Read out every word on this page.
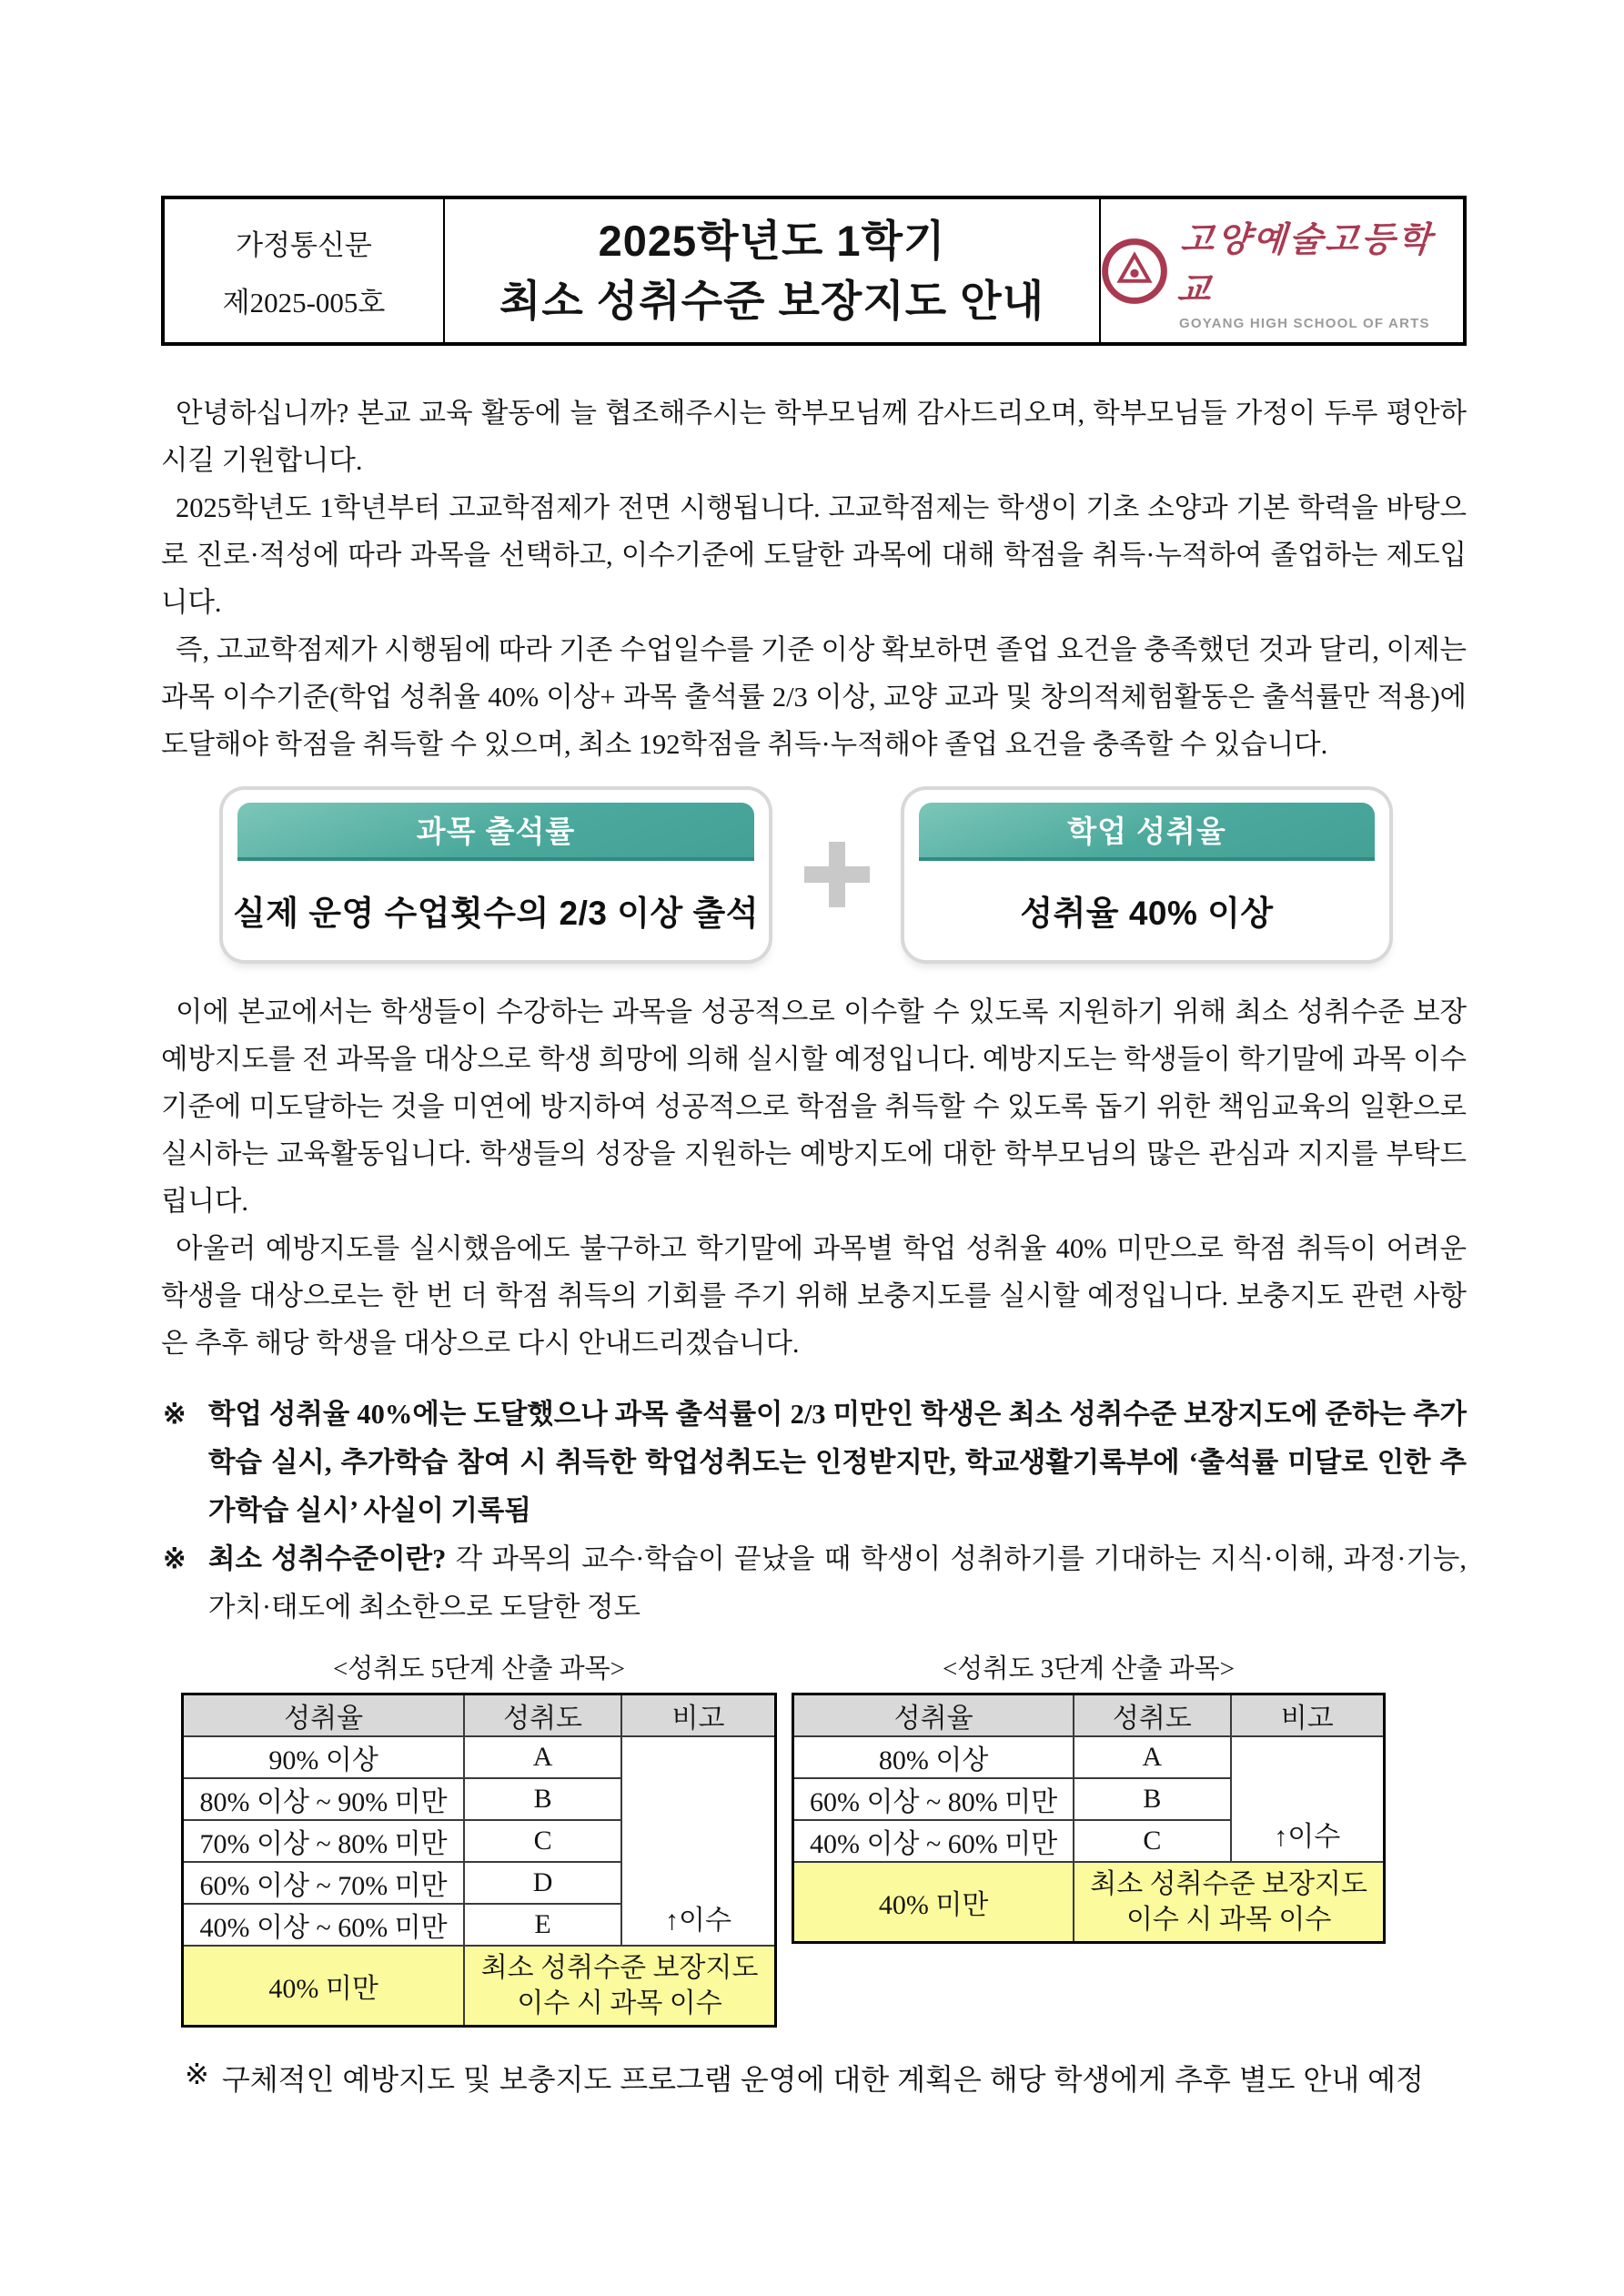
가정통신문
제2025-005호
2025학년도 1학기
최소 성취수준 보장지도 안내
고양예술고등학교
GOYANG HIGH SCHOOL OF ARTS

안녕하십니까? 본교 교육 활동에 늘 협조해주시는 학부모님께 감사드리오며, 학부모님들 가정이 두루 평안하시길 기원합니다.

2025학년도 1학년부터 고교학점제가 전면 시행됩니다. 고교학점제는 학생이 기초 소양과 기본 학력을 바탕으로 진로·적성에 따라 과목을 선택하고, 이수기준에 도달한 과목에 대해 학점을 취득·누적하여 졸업하는 제도입니다.

즉, 고교학점제가 시행됨에 따라 기존 수업일수를 기준 이상 확보하면 졸업 요건을 충족했던 것과 달리, 이제는 과목 이수기준(학업 성취율 40% 이상+ 과목 출석률 2/3 이상, 교양 교과 및 창의적체험활동은 출석률만 적용)에 도달해야 학점을 취득할 수 있으며, 최소 192학점을 취득·누적해야 졸업 요건을 충족할 수 있습니다.

과목 출석률
실제 운영 수업횟수의 2/3 이상 출석
학업 성취율
성취율 40% 이상

이에 본교에서는 학생들이 수강하는 과목을 성공적으로 이수할 수 있도록 지원하기 위해 최소 성취수준 보장 예방지도를 전 과목을 대상으로 학생 희망에 의해 실시할 예정입니다. 예방지도는 학생들이 학기말에 과목 이수기준에 미도달하는 것을 미연에 방지하여 성공적으로 학점을 취득할 수 있도록 돕기 위한 책임교육의 일환으로 실시하는 교육활동입니다. 학생들의 성장을 지원하는 예방지도에 대한 학부모님의 많은 관심과 지지를 부탁드립니다.

아울러 예방지도를 실시했음에도 불구하고 학기말에 과목별 학업 성취율 40% 미만으로 학점 취득이 어려운 학생을 대상으로는 한 번 더 학점 취득의 기회를 주기 위해 보충지도를 실시할 예정입니다. 보충지도 관련 사항은 추후 해당 학생을 대상으로 다시 안내드리겠습니다.

※ 학업 성취율 40%에는 도달했으나 과목 출석률이 2/3 미만인 학생은 최소 성취수준 보장지도에 준하는 추가학습 실시, 추가학습 참여 시 취득한 학업성취도는 인정받지만, 학교생활기록부에 ‘출석률 미달로 인한 추가학습 실시’ 사실이 기록됨
※ 최소 성취수준이란? 각 과목의 교수·학습이 끝났을 때 학생이 성취하기를 기대하는 지식·이해, 과정·기능, 가치·태도에 최소한으로 도달한 정도
<성취도 5단계 산출 과목>
성취율	성취도	비고
90% 이상	A	↑이수
80% 이상 ~ 90% 미만	B	
70% 이상 ~ 80% 미만	C	
60% 이상 ~ 70% 미만	D	
40% 이상 ~ 60% 미만	E	
40% 미만	최소 성취수준 보장지도 이수 시 과목 이수	
<성취도 3단계 산출 과목>
성취율	성취도	비고
80% 이상	A	↑이수
60% 이상 ~ 80% 미만	B	
40% 이상 ~ 60% 미만	C	
40% 미만	최소 성취수준 보장지도 이수 시 과목 이수	
※ 구체적인 예방지도 및 보충지도 프로그램 운영에 대한 계획은 해당 학생에게 추후 별도 안내 예정
